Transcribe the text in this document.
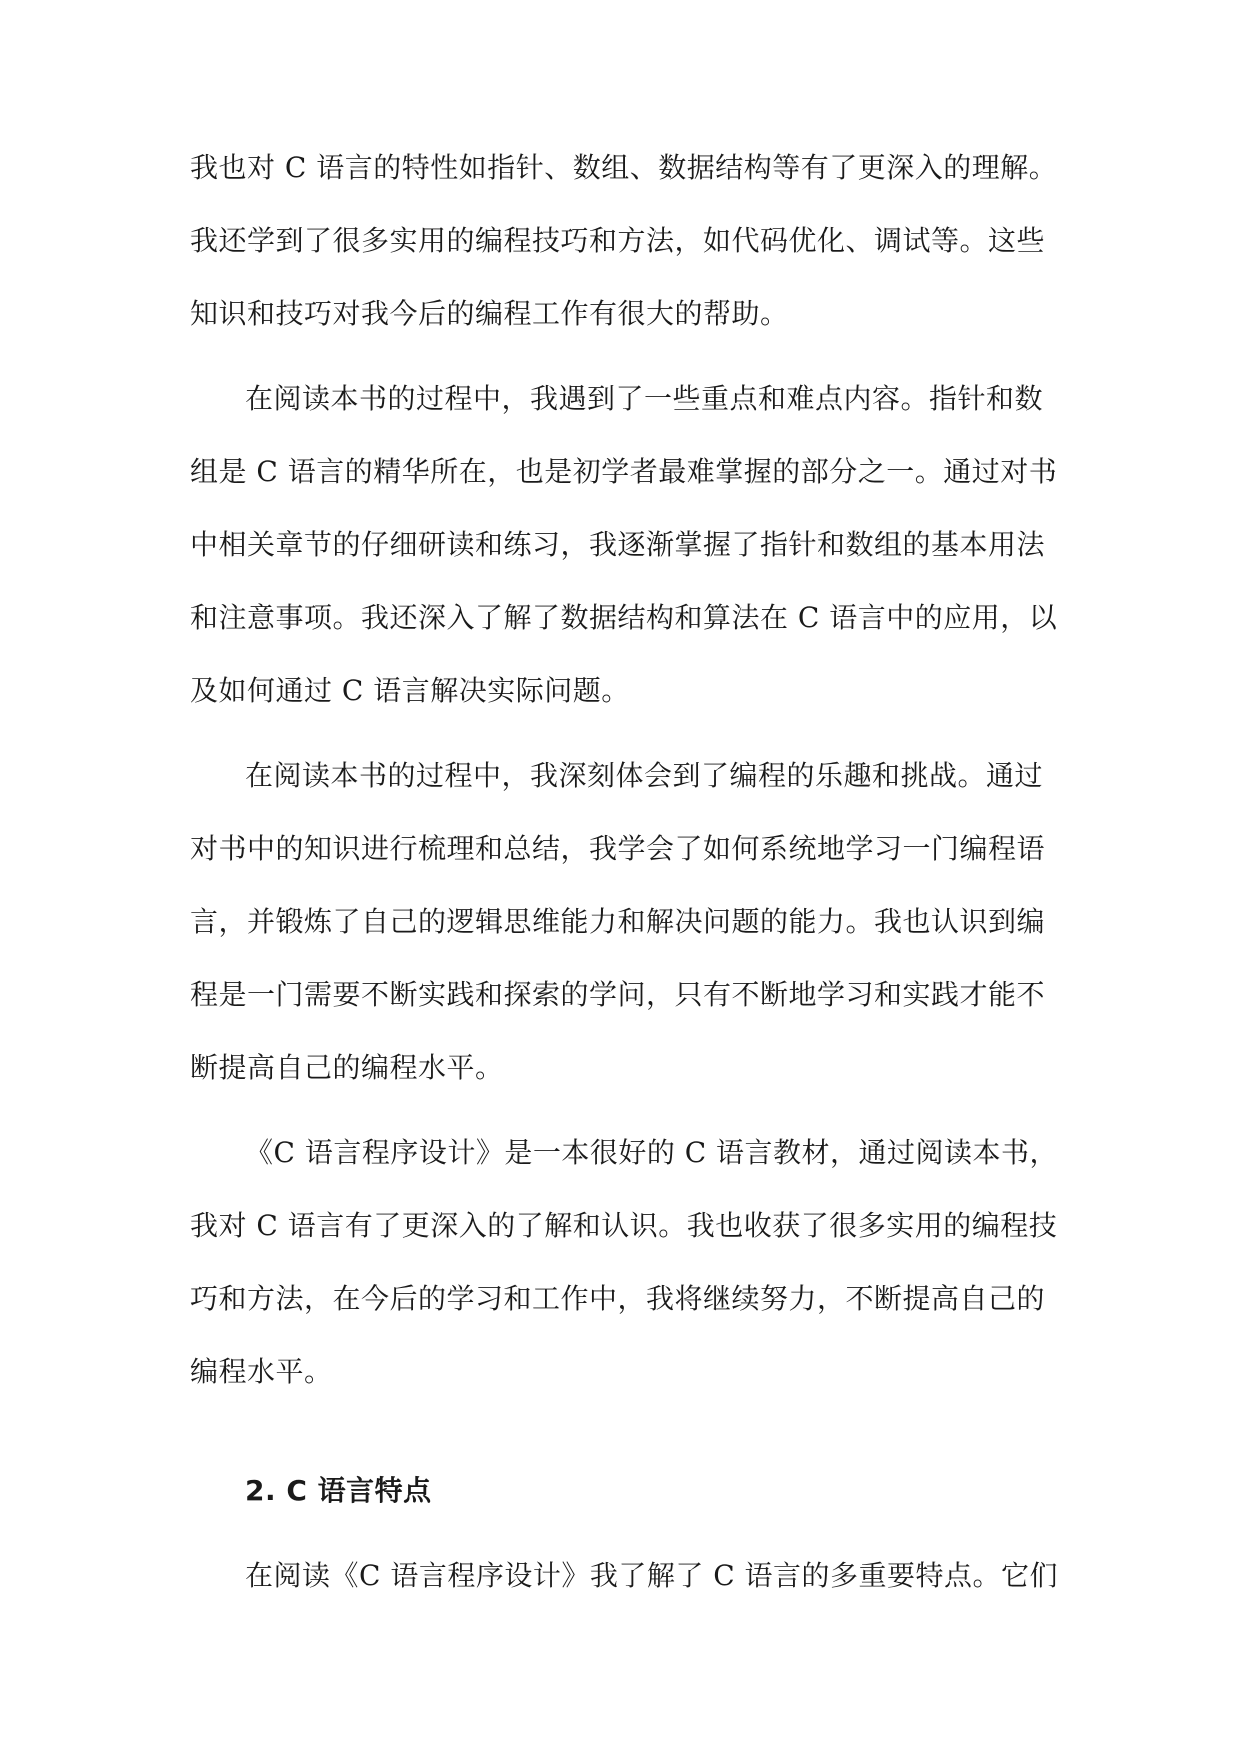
我也对 C 语言的特性如指针、数组、数据结构等有了更深入的理解。
我还学到了很多实用的编程技巧和方法，如代码优化、调试等。这些
知识和技巧对我今后的编程工作有很大的帮助。
在阅读本书的过程中，我遇到了一些重点和难点内容。指针和数
组是 C 语言的精华所在，也是初学者最难掌握的部分之一。通过对书
中相关章节的仔细研读和练习，我逐渐掌握了指针和数组的基本用法
和注意事项。我还深入了解了数据结构和算法在 C 语言中的应用，以
及如何通过 C 语言解决实际问题。
在阅读本书的过程中，我深刻体会到了编程的乐趣和挑战。通过
对书中的知识进行梳理和总结，我学会了如何系统地学习一门编程语
言，并锻炼了自己的逻辑思维能力和解决问题的能力。我也认识到编
程是一门需要不断实践和探索的学问，只有不断地学习和实践才能不
断提高自己的编程水平。
《C 语言程序设计》是一本很好的 C 语言教材，通过阅读本书，
我对 C 语言有了更深入的了解和认识。我也收获了很多实用的编程技
巧和方法，在今后的学习和工作中，我将继续努力，不断提高自己的
编程水平。
2. C 语言特点
在阅读《C 语言程序设计》我了解了 C 语言的多重要特点。它们
